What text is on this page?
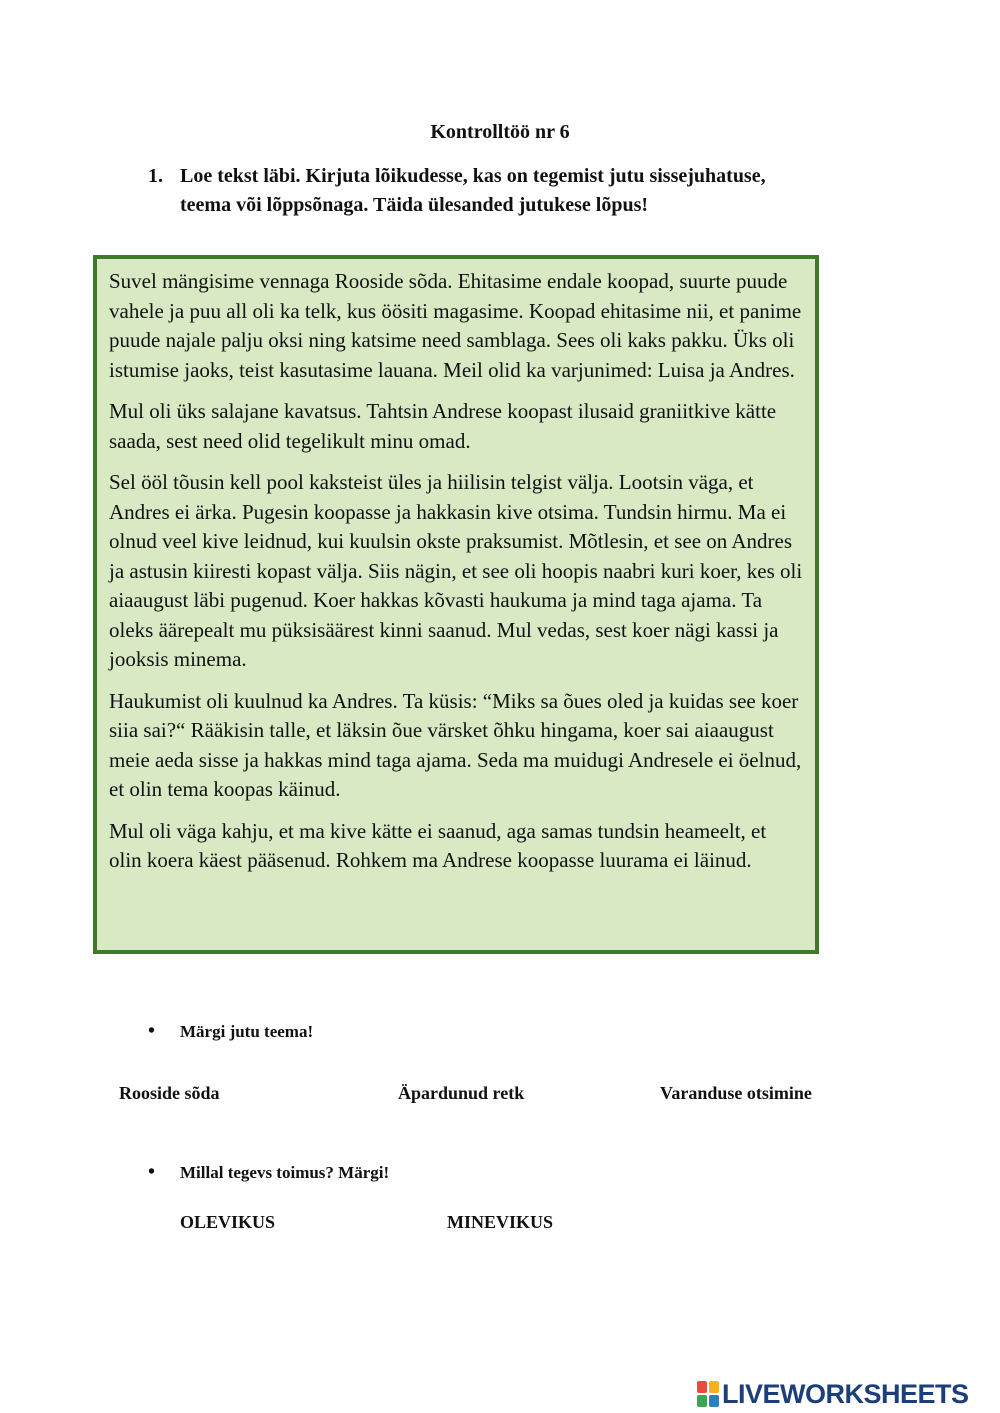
Kontrolltöö nr 6
1. Loe tekst läbi. Kirjuta lõikudesse, kas on tegemist jutu sissejuhatuse,
teema või lõppsõnaga. Täida ülesanded jutukese lõpus!

Suvel mängisime vennaga Rooside sõda. Ehitasime endale koopad, suurte puude vahele ja puu all oli ka telk, kus öösiti magasime. Koopad ehitasime nii, et panime puude najale palju oksi ning katsime need samblaga. Sees oli kaks pakku. Üks oli istumise jaoks, teist kasutasime lauana. Meil olid ka varjunimed: Luisa ja Andres.

Mul oli üks salajane kavatsus. Tahtsin Andrese koopast ilusaid graniitkive kätte saada, sest need olid tegelikult minu omad.

Sel ööl tõusin kell pool kaksteist üles ja hiilisin telgist välja. Lootsin väga, et Andres ei ärka. Pugesin koopasse ja hakkasin kive otsima. Tundsin hirmu. Ma ei olnud veel kive leidnud, kui kuulsin okste praksumist. Mõtlesin, et see on Andres ja astusin kiiresti kopast välja. Siis nägin, et see oli hoopis naabri kuri koer, kes oli aiaaugust läbi pugenud. Koer hakkas kõvasti haukuma ja mind taga ajama. Ta oleks äärepealt mu püksisäärest kinni saanud. Mul vedas, sest koer nägi kassi ja jooksis minema.

Haukumist oli kuulnud ka Andres. Ta küsis: “Miks sa õues oled ja kuidas see koer siia sai?“ Rääkisin talle, et läksin õue värsket õhku hingama, koer sai aiaaugust meie aeda sisse ja hakkas mind taga ajama. Seda ma muidugi Andresele ei öelnud, et olin tema koopas käinud.

Mul oli väga kahju, et ma kive kätte ei saanud, aga samas tundsin heameelt, et olin koera käest pääsenud. Rohkem ma Andrese koopasse luurama ei läinud.

•	Märgi jutu teema!
Rooside sõda	Äpardunud retk	Varanduse otsimine
•	Millal tegevs toimus? Märgi!
OLEVIKUS	MINEVIKUS
LIVEWORKSHEETS
